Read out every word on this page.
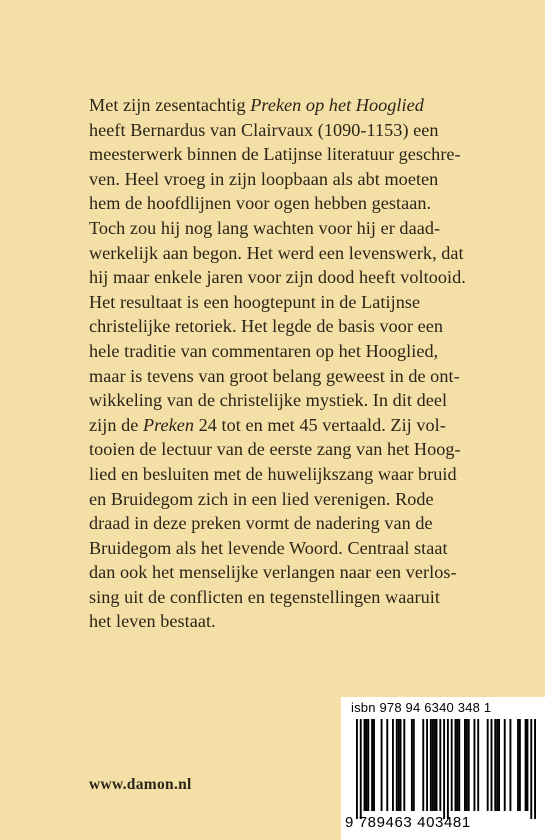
Met zijn zesentachtig Preken op het Hooglied
heeft Bernardus van Clairvaux (1090-1153) een
meesterwerk binnen de Latijnse literatuur geschre-
ven. Heel vroeg in zijn loopbaan als abt moeten
hem de hoofdlijnen voor ogen hebben gestaan.
Toch zou hij nog lang wachten voor hij er daad-
werkelijk aan begon. Het werd een levenswerk, dat
hij maar enkele jaren voor zijn dood heeft voltooid.
Het resultaat is een hoogtepunt in de Latijnse
christelijke retoriek. Het legde de basis voor een
hele traditie van commentaren op het Hooglied,
maar is tevens van groot belang geweest in de ont-
wikkeling van de christelijke mystiek. In dit deel
zijn de Preken 24 tot en met 45 vertaald. Zij vol-
tooien de lectuur van de eerste zang van het Hoog-
lied en besluiten met de huwelijkszang waar bruid
en Bruidegom zich in een lied verenigen. Rode
draad in deze preken vormt de nadering van de
Bruidegom als het levende Woord. Centraal staat
dan ook het menselijke verlangen naar een verlos-
sing uit de conflicten en tegenstellingen waaruit
het leven bestaat.
isbn 978 94 6340 348 1
9 789463 403481
www.damon.nl
